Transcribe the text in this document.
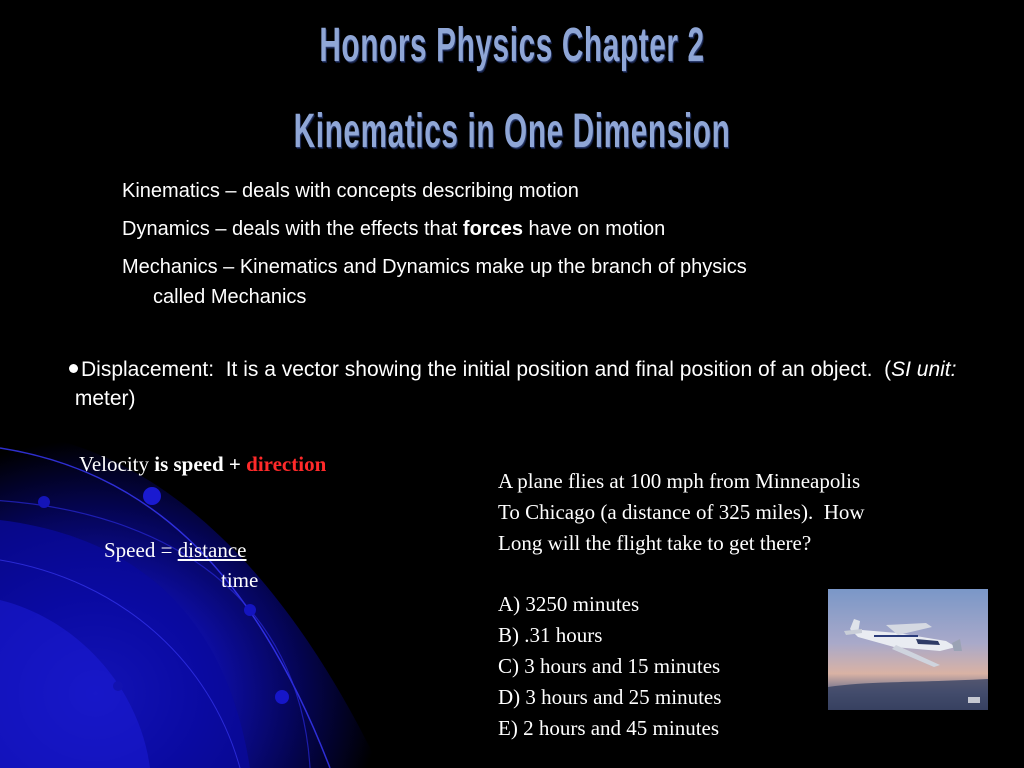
Honors Physics Chapter 2
Kinematics in One Dimension
Kinematics – deals with concepts describing motion
Dynamics – deals with the effects that forces have on motion
Mechanics – Kinematics and Dynamics make up the branch of physics
called Mechanics
Displacement:  It is a vector showing the initial position and final position of an object.  (SI unit: meter)
Velocity is speed + direction
Speed = distance
time
A plane flies at 100 mph from Minneapolis
To Chicago (a distance of 325 miles).  How
Long will the flight take to get there?
A) 3250 minutes
B) .31 hours
C) 3 hours and 15 minutes
D) 3 hours and 25 minutes
E) 2 hours and 45 minutes
